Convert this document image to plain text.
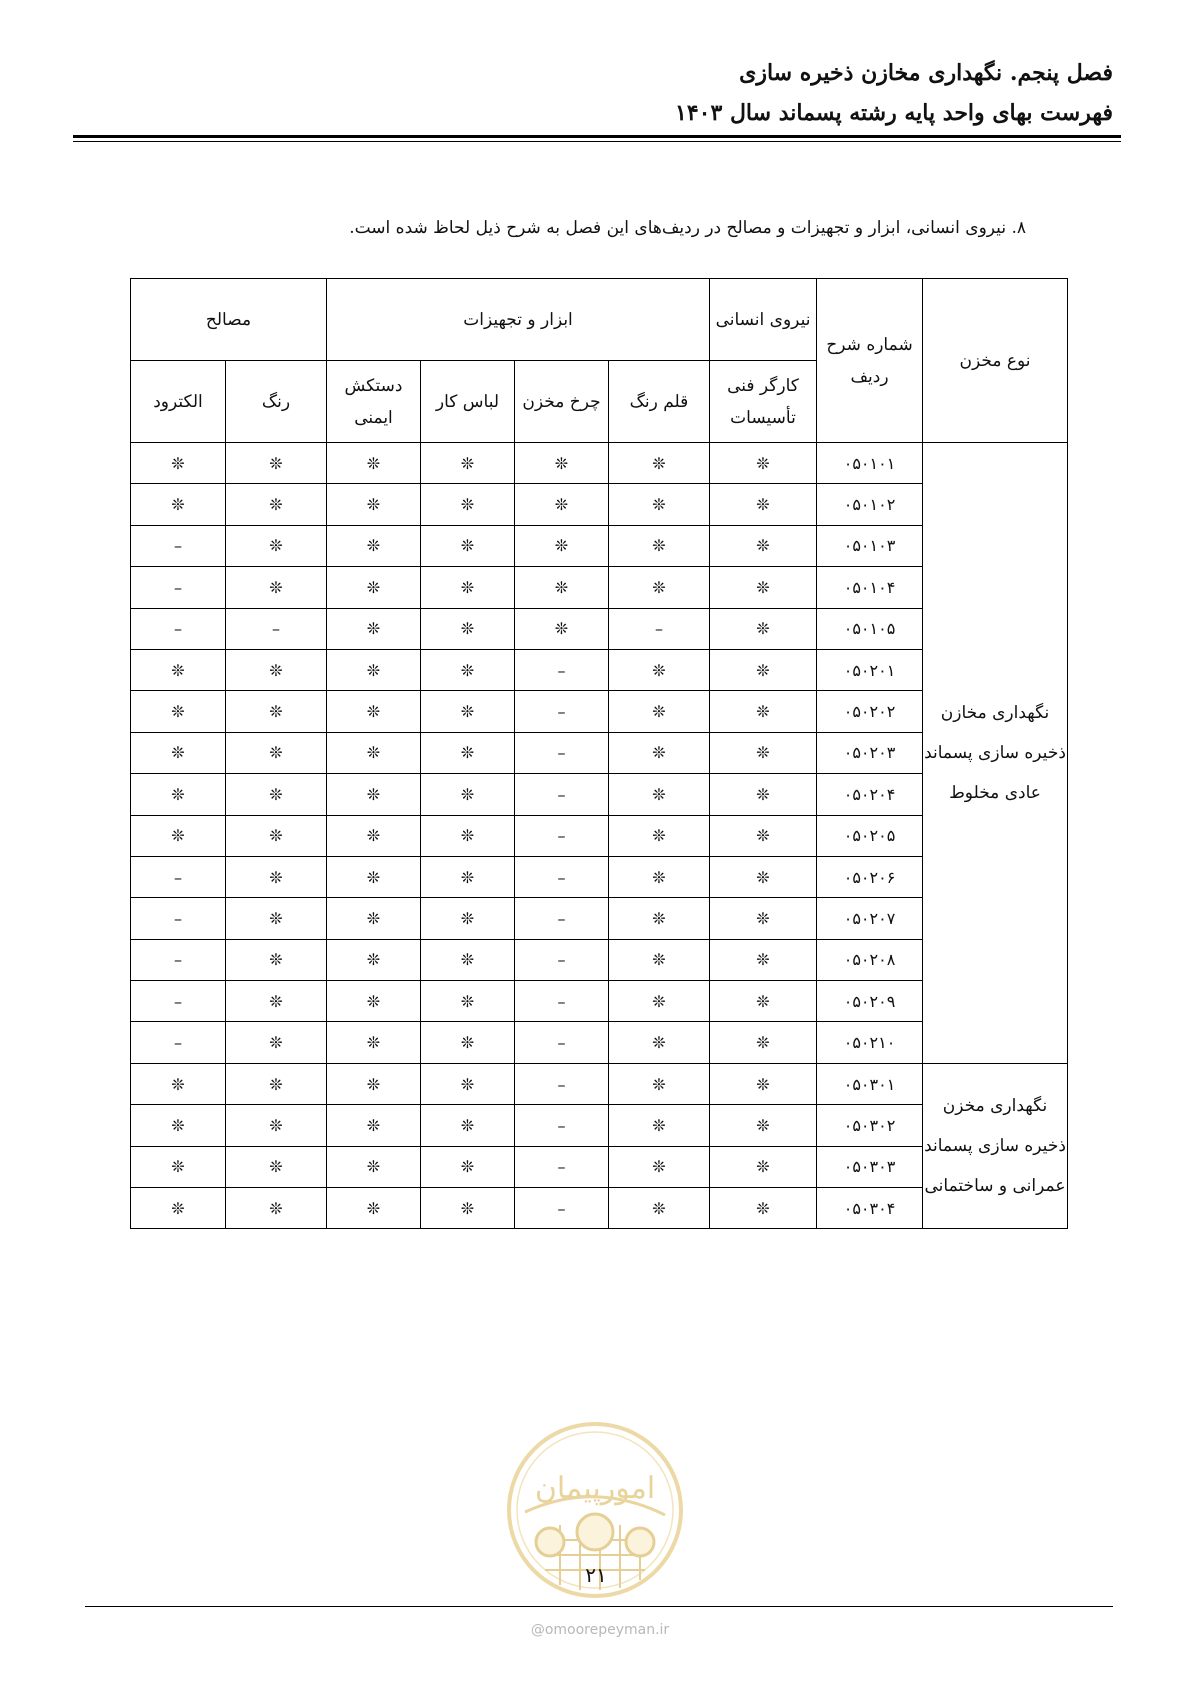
فصل پنجم. نگهداری مخازن ذخیره سازی
فهرست بهای واحد پایه رشته پسماند سال ۱۴۰۳
۸. نیروی انسانی، ابزار و تجهیزات و مصالح در ردیف‌های این فصل به شرح ذیل لحاظ شده است.
نوع مخزن	شماره شرح ردیف	نیروی انسانی	ابزار و تجهیزات				مصالح	
		کارگر فنی تأسیسات	قلم رنگ	چرخ مخزن	لباس کار	دستکش ایمنی	رنگ	الکترود
نگهداری مخازن ذخیره سازی پسماند عادی مخلوط	۰۵۰۱۰۱	❊	❊	❊	❊	❊	❊	❊
	۰۵۰۱۰۲	❊	❊	❊	❊	❊	❊	❊
	۰۵۰۱۰۳	❊	❊	❊	❊	❊	❊	–
	۰۵۰۱۰۴	❊	❊	❊	❊	❊	❊	–
	۰۵۰۱۰۵	❊	–	❊	❊	❊	–	–
	۰۵۰۲۰۱	❊	❊	–	❊	❊	❊	❊
	۰۵۰۲۰۲	❊	❊	–	❊	❊	❊	❊
	۰۵۰۲۰۳	❊	❊	–	❊	❊	❊	❊
	۰۵۰۲۰۴	❊	❊	–	❊	❊	❊	❊
	۰۵۰۲۰۵	❊	❊	–	❊	❊	❊	❊
	۰۵۰۲۰۶	❊	❊	–	❊	❊	❊	–
	۰۵۰۲۰۷	❊	❊	–	❊	❊	❊	–
	۰۵۰۲۰۸	❊	❊	–	❊	❊	❊	–
	۰۵۰۲۰۹	❊	❊	–	❊	❊	❊	–
	۰۵۰۲۱۰	❊	❊	–	❊	❊	❊	–
نگهداری مخزن ذخیره سازی پسماند عمرانی و ساختمانی	۰۵۰۳۰۱	❊	❊	–	❊	❊	❊	❊
	۰۵۰۳۰۲	❊	❊	–	❊	❊	❊	❊
	۰۵۰۳۰۳	❊	❊	–	❊	❊	❊	❊
	۰۵۰۳۰۴	❊	❊	–	❊	❊	❊	❊
امورپیمان
۲۱
@omoorepeyman.ir
